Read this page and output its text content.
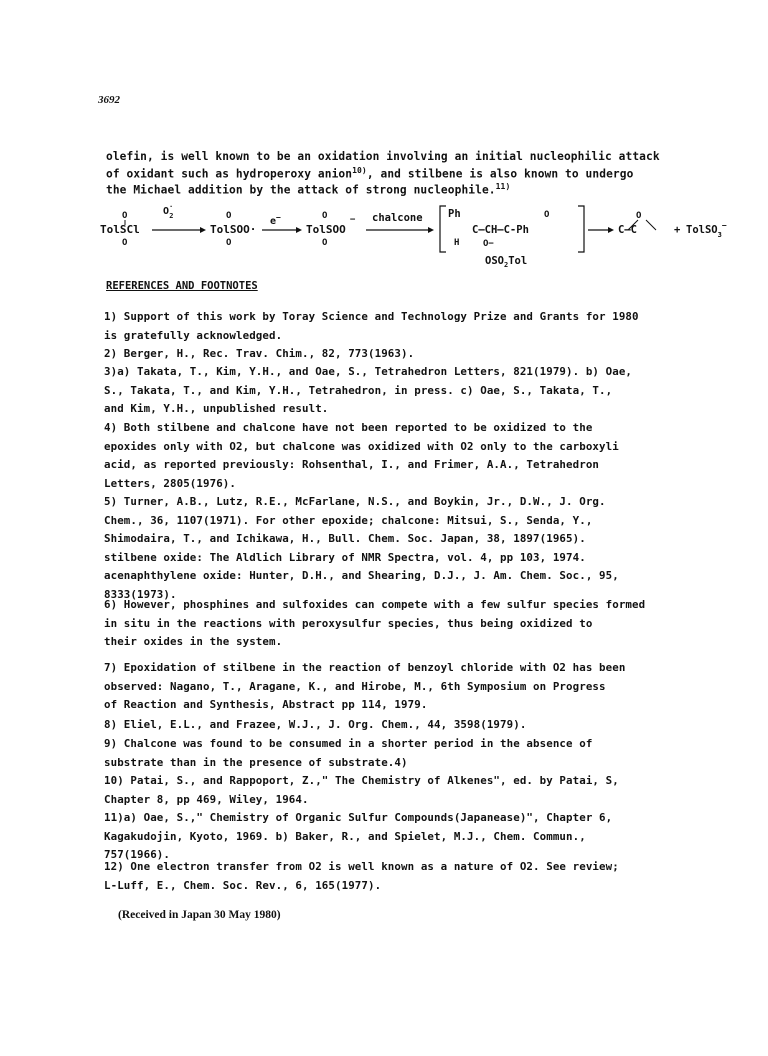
3692
olefin, is well known to be an oxidation involving an initial nucleophilic attack
of oxidant such as hydroperoxy anion$^{10)}$, and stilbene is also known to undergo
the Michael addition by the attack of strong nucleophile.$^{11)}$
TolSCl
O
O
O· 2
TolSOO·
O
O
e−
TolSOO
O
O
− chalcone Ph
H
C—CH—C-Ph
O
O−
$OSO_2Tol$
O
C—C	+ TolSO$_3$−
REFERENCES AND FOOTNOTES
1) Support of this work by Toray Science and Technology Prize and Grants for 1980
is gratefully acknowledged.
2) Berger, H., Rec. Trav. Chim., 82, 773(1963).
3)a) Takata, T., Kim, Y.H., and Oae, S., Tetrahedron Letters, 821(1979). b) Oae,
S., Takata, T., and Kim, Y.H., Tetrahedron, in press. c) Oae, S., Takata, T.,
and Kim, Y.H., unpublished result.
4) Both stilbene and chalcone have not been reported to be oxidized to the
epoxides only with O2, but chalcone was oxidized with O2 only to the carboxyli
acid, as reported previously: Rohsenthal, I., and Frimer, A.A., Tetrahedron
Letters, 2805(1976).
5) Turner, A.B., Lutz, R.E., McFarlane, N.S., and Boykin, Jr., D.W., J. Org.
Chem., 36, 1107(1971). For other epoxide; chalcone: Mitsui, S., Senda, Y.,
Shimodaira, T., and Ichikawa, H., Bull. Chem. Soc. Japan, 38, 1897(1965).
stilbene oxide: The Aldlich Library of NMR Spectra, vol. 4, pp 103, 1974.
acenaphthylene oxide: Hunter, D.H., and Shearing, D.J., J. Am. Chem. Soc., 95,
8333(1973).
6) However, phosphines and sulfoxides can compete with a few sulfur species formed
in situ in the reactions with peroxysulfur species, thus being oxidized to
their oxides in the system.
7) Epoxidation of stilbene in the reaction of benzoyl chloride with O2 has been
observed: Nagano, T., Aragane, K., and Hirobe, M., 6th Symposium on Progress
of Reaction and Synthesis, Abstract pp 114, 1979.
8) Eliel, E.L., and Frazee, W.J., J. Org. Chem., 44, 3598(1979).
9) Chalcone was found to be consumed in a shorter period in the absence of
substrate than in the presence of substrate.4)
10) Patai, S., and Rappoport, Z.," The Chemistry of Alkenes", ed. by Patai, S,
Chapter 8, pp 469, Wiley, 1964.
11)a) Oae, S.," Chemistry of Organic Sulfur Compounds(Japanease)", Chapter 6,
Kagakudojin, Kyoto, 1969. b) Baker, R., and Spielet, M.J., Chem. Commun.,
757(1966).
12) One electron transfer from O2 is well known as a nature of O2. See review;
L-Luff, E., Chem. Soc. Rev., 6, 165(1977).
(Received in Japan 30 May 1980)
